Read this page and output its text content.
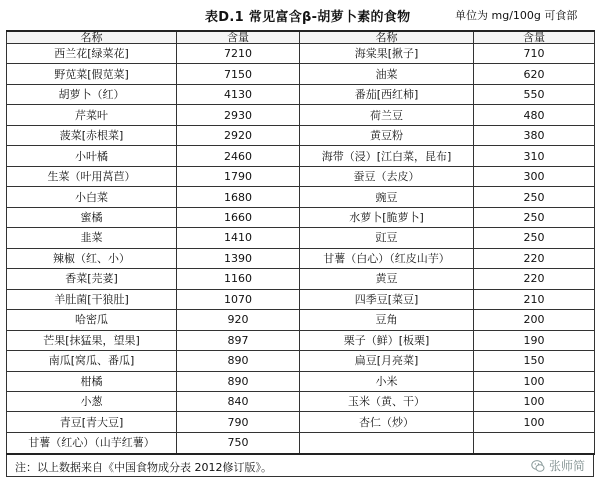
表D.1 常见富含β-胡萝卜素的食物	单位为 mg/100g 可食部
名称	含量	名称	含量
西兰花[绿菜花]	7210	海棠果[揪子]	710
野苋菜[假苋菜]	7150	油菜	620
胡萝卜（红）	4130	番茄[西红柿]	550
芹菜叶	2930	荷兰豆	480
菠菜[赤根菜]	2920	黄豆粉	380
小叶橘	2460	海带（浸）[江白菜，昆布]	310
生菜（叶用莴苣）	1790	蚕豆（去皮）	300
小白菜	1680	豌豆	250
蜜橘	1660	水萝卜[脆萝卜]	250
韭菜	1410	豇豆	250
辣椒（红、小）	1390	甘薯（白心）（红皮山芋）	220
香菜[芫荽]	1160	黄豆	220
羊肚菌[干狼肚]	1070	四季豆[菜豆]	210
哈密瓜	920	豆角	200
芒果[抹猛果，望果]	897	栗子（鲜）[板栗]	190
南瓜[窝瓜、番瓜]	890	扁豆[月亮菜]	150
柑橘	890	小米	100
小葱	840	玉米（黄、干）	100
青豆[青大豆]	790	杏仁（炒）	100
甘薯（红心）（山芋红薯）	750		
注：以上数据来自《中国食物成分表 2012修订版》。	张师简
